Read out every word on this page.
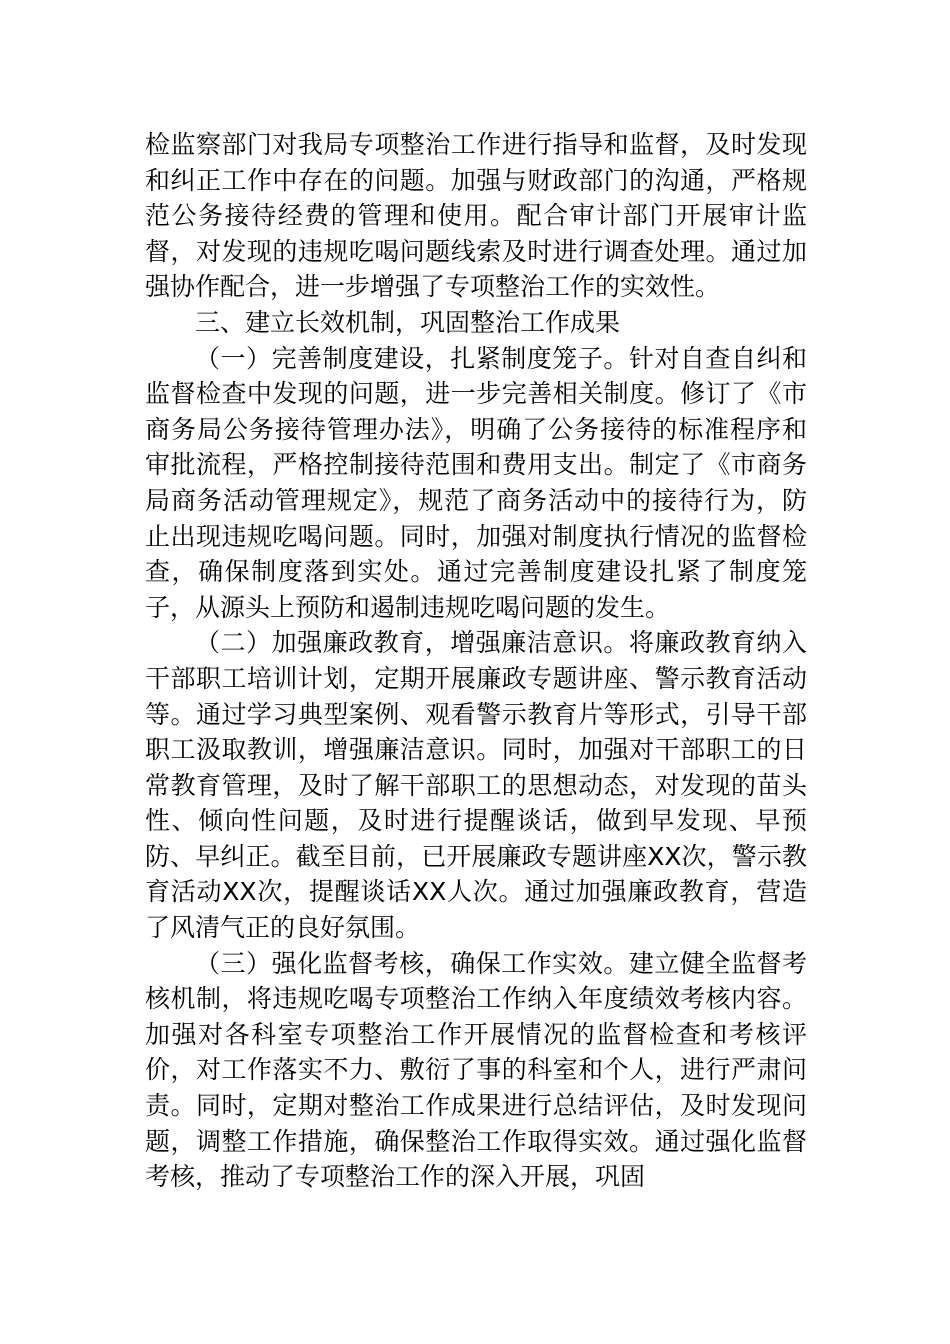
检监察部门对我局专项整治工作进行指导和监督，及时发现和纠正工作中存在的问题。加强与财政部门的沟通，严格规范公务接待经费的管理和使用。配合审计部门开展审计监督，对发现的违规吃喝问题线索及时进行调查处理。通过加强协作配合，进一步增强了专项整治工作的实效性。

三、建立长效机制，巩固整治工作成果

（一）完善制度建设，扎紧制度笼子。针对自查自纠和监督检查中发现的问题，进一步完善相关制度。修订了《市商务局公务接待管理办法》，明确了公务接待的标准程序和审批流程，严格控制接待范围和费用支出。制定了《市商务局商务活动管理规定》，规范了商务活动中的接待行为，防止出现违规吃喝问题。同时，加强对制度执行情况的监督检查，确保制度落到实处。通过完善制度建设扎紧了制度笼子，从源头上预防和遏制违规吃喝问题的发生。

（二）加强廉政教育，增强廉洁意识。将廉政教育纳入干部职工培训计划，定期开展廉政专题讲座、警示教育活动等。通过学习典型案例、观看警示教育片等形式，引导干部职工汲取教训，增强廉洁意识。同时，加强对干部职工的日常教育管理，及时了解干部职工的思想动态，对发现的苗头性、倾向性问题，及时进行提醒谈话，做到早发现、早预防、早纠正。截至目前，已开展廉政专题讲座XX次，警示教育活动XX次，提醒谈话XX人次。通过加强廉政教育，营造了风清气正的良好氛围。

（三）强化监督考核，确保工作实效。建立健全监督考核机制，将违规吃喝专项整治工作纳入年度绩效考核内容。加强对各科室专项整治工作开展情况的监督检查和考核评价，对工作落实不力、敷衍了事的科室和个人，进行严肃问责。同时，定期对整治工作成果进行总结评估，及时发现问题，调整工作措施，确保整治工作取得实效。通过强化监督考核，推动了专项整治工作的深入开展，巩固
